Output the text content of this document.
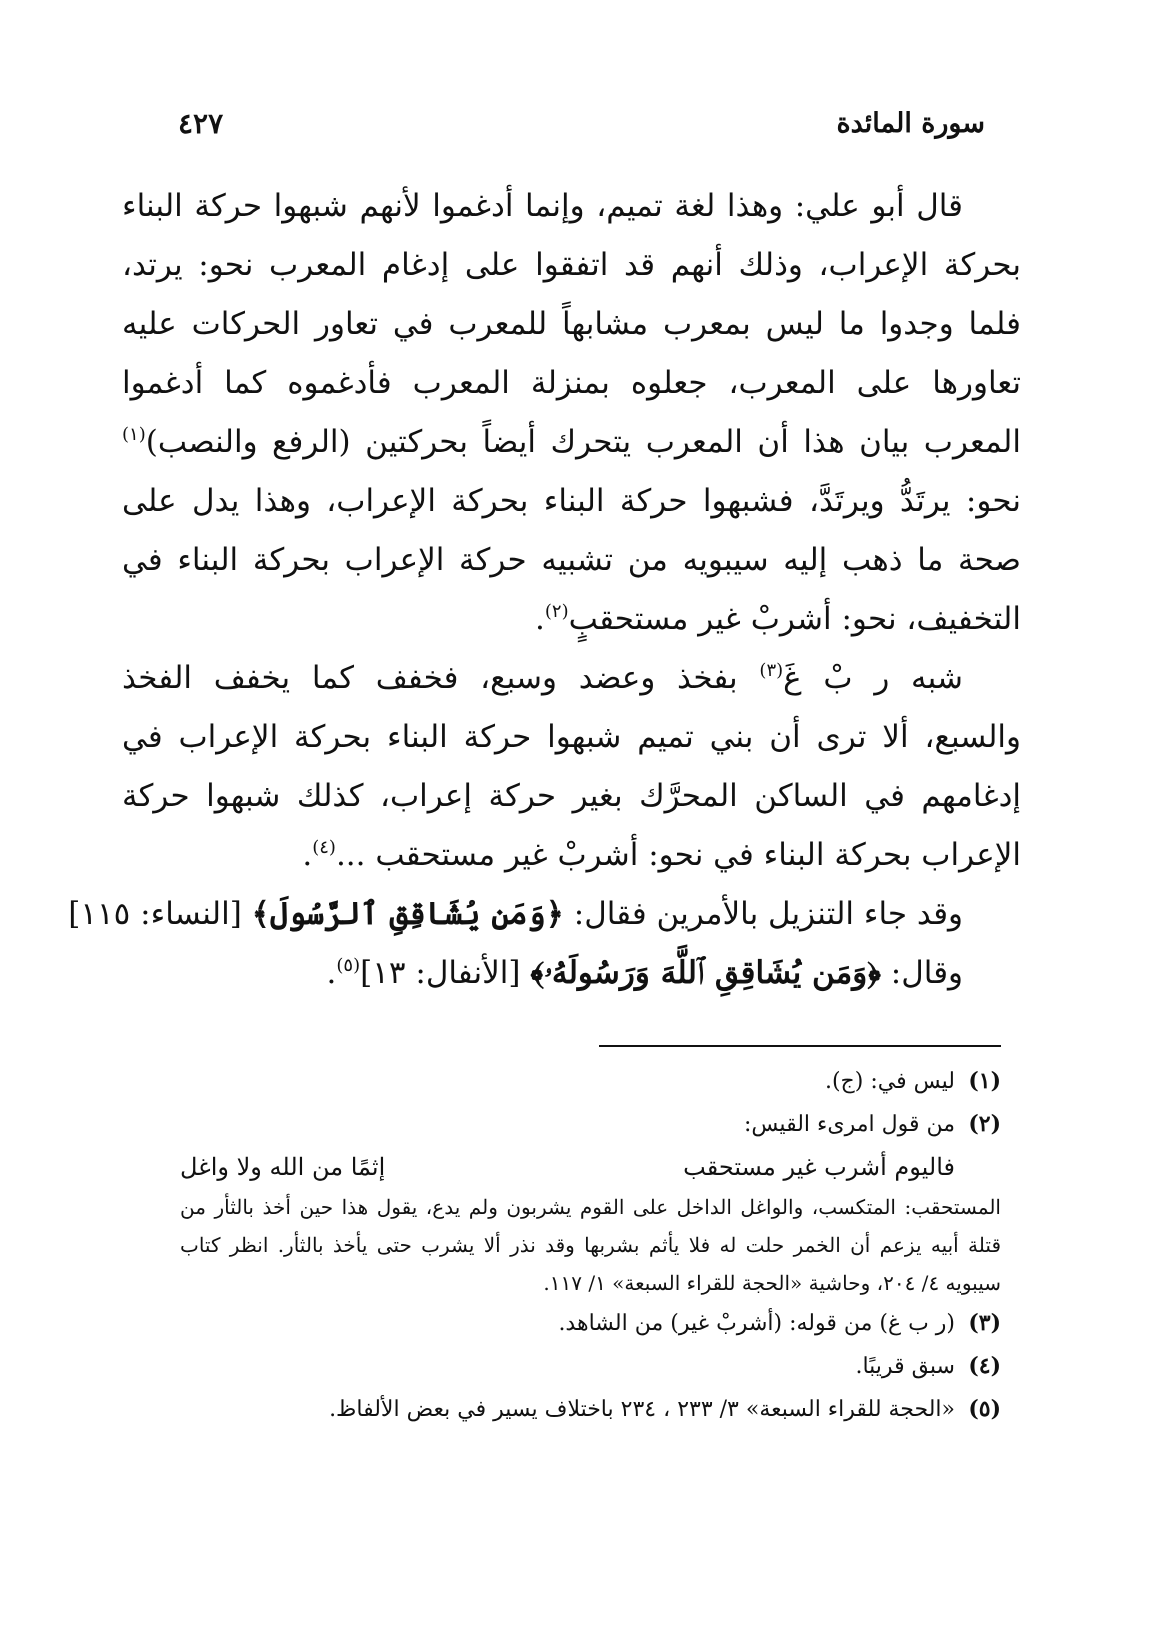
سورة المائدة
٤٢٧
قال أبو علي: وهذا لغة تميم، وإنما أدغموا لأنهم شبهوا حركة البناء
بحركة الإعراب، وذلك أنهم قد اتفقوا على إدغام المعرب نحو: يرتد،
فلما وجدوا ما ليس بمعرب مشابهاً للمعرب في تعاور الحركات عليه
تعاورها على المعرب، جعلوه بمنزلة المعرب فأدغموه كما أدغموا
المعرب بيان هذا أن المعرب يتحرك أيضاً بحركتين (الرفع والنصب)$^{(١)}$
نحو: يرتَدُّ ويرتَدَّ، فشبهوا حركة البناء بحركة الإعراب، وهذا يدل على
صحة ما ذهب إليه سيبويه من تشبيه حركة الإعراب بحركة البناء في
التخفيف، نحو: أشربْ غير مستحقبٍ$^{(٢)}$.
شبه ر بْ غَ$^{(٣)}$ بفخذ وعضد وسبع، فخفف كما يخفف الفخذ
والسبع، ألا ترى أن بني تميم شبهوا حركة البناء بحركة الإعراب في
إدغامهم في الساكن المحرَّك بغير حركة إعراب، كذلك شبهوا حركة
الإعراب بحركة البناء في نحو: أشربْ غير مستحقب ...$^{(٤)}$.
وقد جاء التنزيل بالأمرين فقال: ﴿وَمَن يُشَاقِقِ ٱلرَّسُولَ﴾ [النساء: ١١٥]
وقال: ﴿وَمَن يُشَاقِقِ ٱللَّهَ وَرَسُولَهُۥ﴾ [الأنفال: ١٣]$^{(٥)}$.
(١)
ليس في: (ج).
(٢)
من قول امرىء القيس:
فاليوم أشرب غير مستحقب
إثمًا من الله ولا واغل
المستحقب: المتكسب، والواغل الداخل على القوم يشربون ولم يدع، يقول هذا حين أخذ بالثأر من قتلة أبيه يزعم أن الخمر حلت له فلا يأثم بشربها وقد نذر ألا يشرب حتى يأخذ بالثأر. انظر كتاب سيبويه ٤/ ٢٠٤، وحاشية «الحجة للقراء السبعة» ١/ ١١٧.
(٣)
(ر ب غ) من قوله: (أشربْ غير) من الشاهد.
(٤)
سبق قريبًا.
(٥)
«الحجة للقراء السبعة» ٣/ ٢٣٣ ، ٢٣٤ باختلاف يسير في بعض الألفاظ.
